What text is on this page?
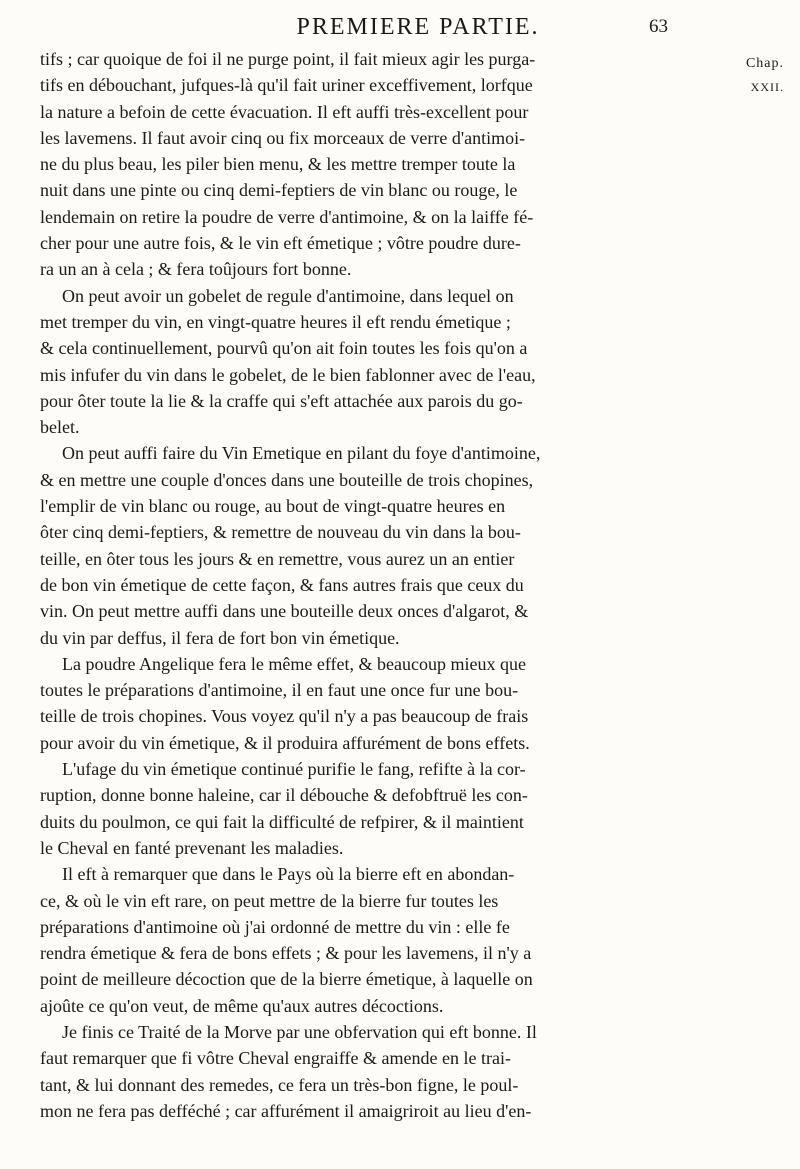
PREMIERE PARTIE.	63
Chap.
XXII.
tifs ; car quoique de foi il ne purge point, il fait mieux agir les purga-
tifs en débouchant, jufques-là qu'il fait uriner exceffivement, lorfque
la nature a befoin de cette évacuation. Il eft auffi très-excellent pour
les lavemens. Il faut avoir cinq ou fix morceaux de verre d'antimoi-
ne du plus beau, les piler bien menu, & les mettre tremper toute la
nuit dans une pinte ou cinq demi-feptiers de vin blanc ou rouge, le
lendemain on retire la poudre de verre d'antimoine, & on la laiffe fé-
cher pour une autre fois, & le vin eft émetique ; vôtre poudre dure-
ra un an à cela ; & fera toûjours fort bonne.
On peut avoir un gobelet de regule d'antimoine, dans lequel on
met tremper du vin, en vingt-quatre heures il eft rendu émetique ;
& cela continuellement, pourvû qu'on ait foin toutes les fois qu'on a
mis infufer du vin dans le gobelet, de le bien fablonner avec de l'eau,
pour ôter toute la lie & la craffe qui s'eft attachée aux parois du go-
belet.
On peut auffi faire du Vin Emetique en pilant du foye d'antimoine,
& en mettre une couple d'onces dans une bouteille de trois chopines,
l'emplir de vin blanc ou rouge, au bout de vingt-quatre heures en
ôter cinq demi-feptiers, & remettre de nouveau du vin dans la bou-
teille, en ôter tous les jours & en remettre, vous aurez un an entier
de bon vin émetique de cette façon, & fans autres frais que ceux du
vin. On peut mettre auffi dans une bouteille deux onces d'algarot, &
du vin par deffus, il fera de fort bon vin émetique.
La poudre Angelique fera le même effet, & beaucoup mieux que
toutes le préparations d'antimoine, il en faut une once fur une bou-
teille de trois chopines. Vous voyez qu'il n'y a pas beaucoup de frais
pour avoir du vin émetique, & il produira affurément de bons effets.
L'ufage du vin émetique continué purifie le fang, refifte à la cor-
ruption, donne bonne haleine, car il débouche & defobftruë les con-
duits du poulmon, ce qui fait la difficulté de refpirer, & il maintient
le Cheval en fanté prevenant les maladies.
Il eft à remarquer que dans le Pays où la bierre eft en abondan-
ce, & où le vin eft rare, on peut mettre de la bierre fur toutes les
préparations d'antimoine où j'ai ordonné de mettre du vin : elle fe
rendra émetique & fera de bons effets ; & pour les lavemens, il n'y a
point de meilleure décoction que de la bierre émetique, à laquelle on
ajoûte ce qu'on veut, de même qu'aux autres décoctions.
Je finis ce Traité de la Morve par une obfervation qui eft bonne. Il
faut remarquer que fi vôtre Cheval engraiffe & amende en le trai-
tant, & lui donnant des remedes, ce fera un très-bon figne, le poul-
mon ne fera pas defféché ; car affurément il amaigriroit au lieu d'en-
